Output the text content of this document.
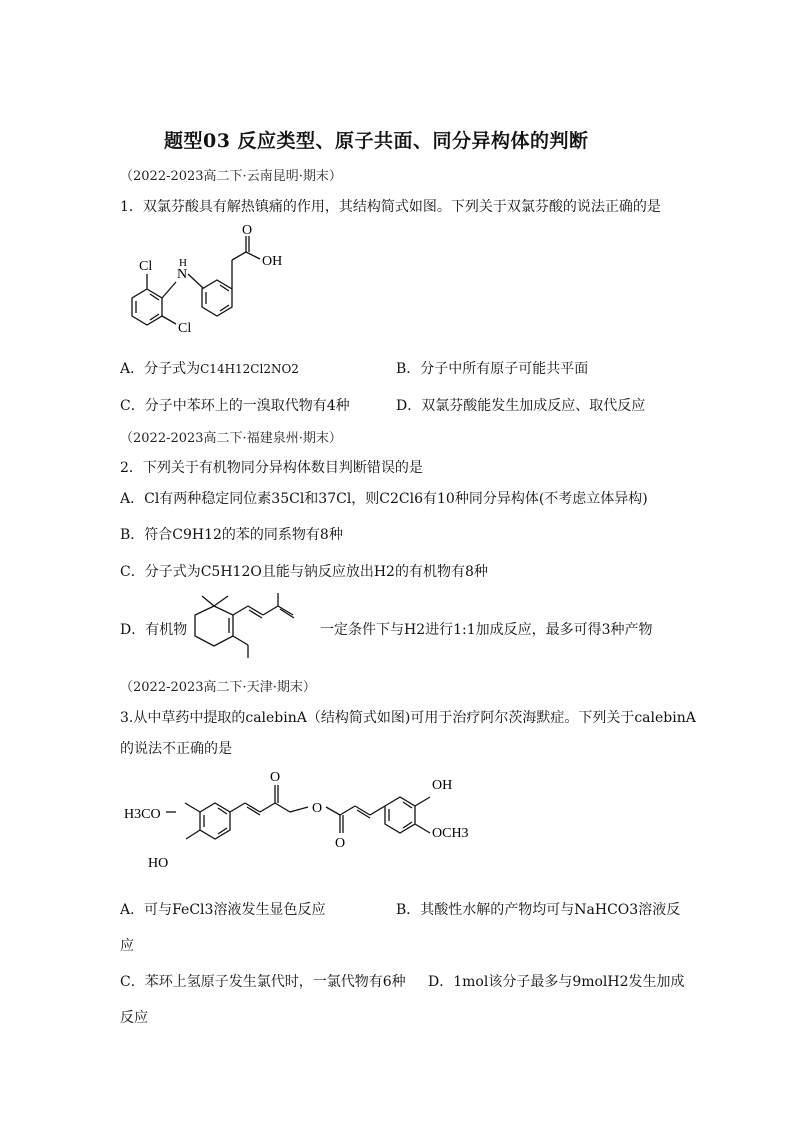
题型03 反应类型、原子共面、同分异构体的判断
（2022-2023高二下·云南昆明·期末）
1．双氯芬酸具有解热镇痛的作用，其结构简式如图。下列关于双氯芬酸的说法正确的是
Cl
N
H
Cl
O
OH
A．分子式为C14H12Cl2NO2	B．分子中所有原子可能共平面
C．分子中苯环上的一溴取代物有4种	D．双氯芬酸能发生加成反应、取代反应
（2022-2023高二下·福建泉州·期末）
2．下列关于有机物同分异构体数目判断错误的是
A．Cl有两种稳定同位素35Cl和37Cl，则C2Cl6有10种同分异构体(不考虑立体异构)
B．符合C9H12的苯的同系物有8种
C．分子式为C5H12O且能与钠反应放出H2的有机物有8种
D．有机物	一定条件下与H2进行1:1加成反应，最多可得3种产物
（2022-2023高二下·天津·期末）
3.从中草药中提取的calebinA（结构简式如图)可用于治疗阿尔茨海默症。下列关于calebinA
的说法不正确的是
H3CO
HO
O
O
O
OH
OCH3
A．可与FeCl3溶液发生显色反应	B．其酸性水解的产物均可与NaHCO3溶液反
应
C．苯环上氢原子发生氯代时，一氯代物有6种 D．1mol该分子最多与9molH2发生加成
反应
